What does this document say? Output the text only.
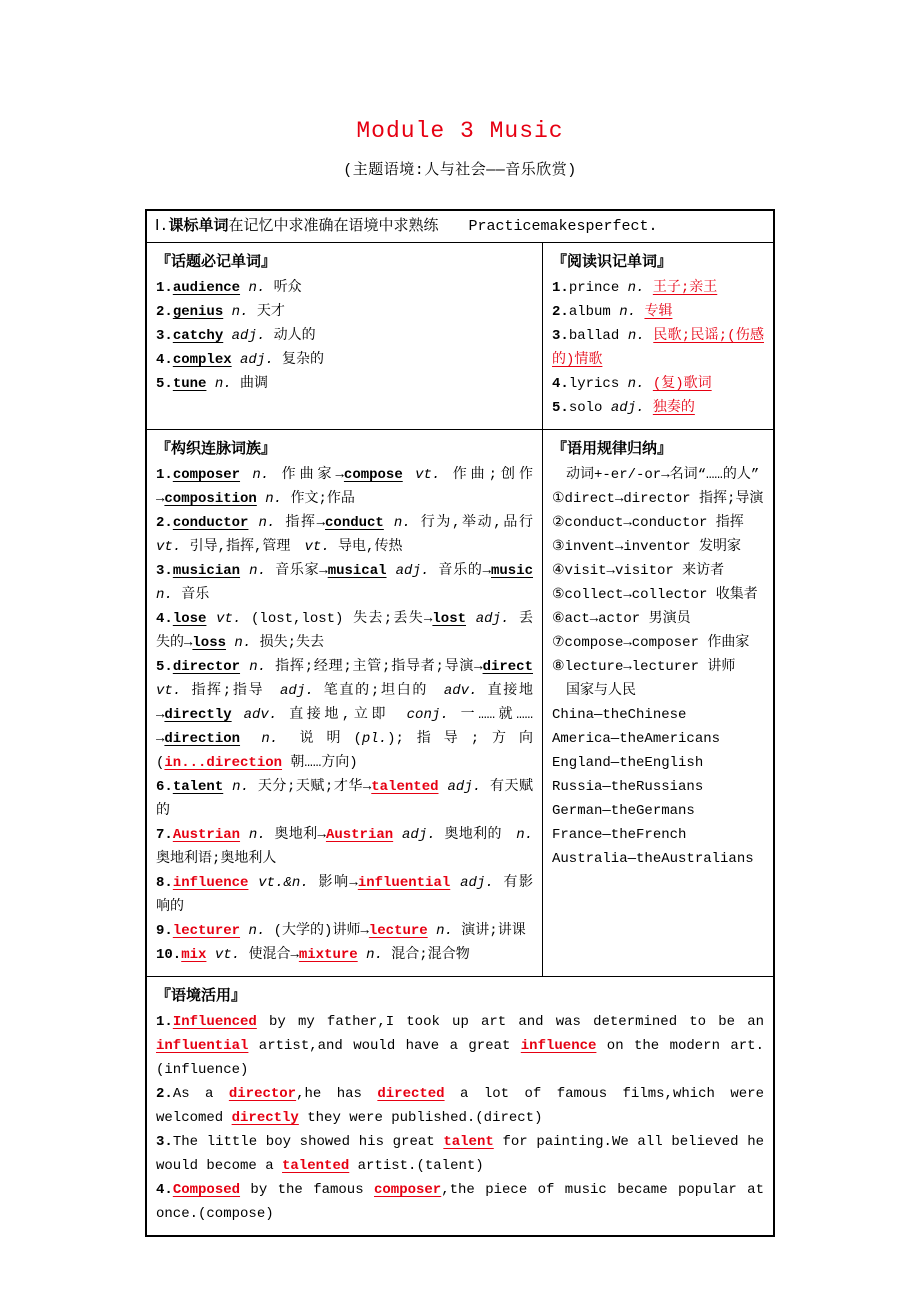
Module 3 Music
(主题语境:人与社会——音乐欣赏)
Ⅰ.课标单词在记忆中求准确在语境中求熟练　　Practicemakesperfect.
『话题必记单词』

1.audience n. 听众

2.genius n. 天才

3.catchy adj. 动人的

4.complex adj. 复杂的

5.tune n. 曲调

『阅读识记单词』

1.prince n. 王子;亲王

2.album n. 专辑

3.ballad n. 民歌;民谣;(伤感的)情歌

4.lyrics n. (复)歌词

5.solo adj. 独奏的

『构织连脉词族』

1.composer n. 作曲家→compose vt. 作曲;创作→composition n. 作文;作品

2.conductor n. 指挥→conduct n. 行为,举动,品行　vt. 引导,指挥,管理　vt. 导电,传热

3.musician n. 音乐家→musical adj. 音乐的→music n. 音乐

4.lose vt. (lost,lost) 失去;丢失→lost adj. 丢失的→loss n. 损失;失去

5.director n. 指挥;经理;主管;指导者;导演→direct vt. 指挥;指导　adj. 笔直的;坦白的　adv. 直接地→directly adv. 直接地,立即　conj. 一……就……→direction n. 说明(pl.);指导;方向(in...direction 朝……方向)

6.talent n. 天分;天赋;才华→talented adj. 有天赋的

7.Austrian n. 奥地利→Austrian adj. 奥地利的　n. 奥地利语;奥地利人

8.influence vt.&n. 影响→influential adj. 有影响的

9.lecturer n. (大学的)讲师→lecture n. 演讲;讲课

10.mix vt. 使混合→mixture n. 混合;混合物

『语用规律归纳』

　动词+-er/-or→名词“……的人”

①direct→director 指挥;导演

②conduct→conductor 指挥

③invent→inventor 发明家

④visit→visitor 来访者

⑤collect→collector 收集者

⑥act→actor 男演员

⑦compose→composer 作曲家

⑧lecture→lecturer 讲师

　国家与人民

China—theChinese

America—theAmericans

England—theEnglish

Russia—theRussians

German—theGermans

France—theFrench

Australia—theAustralians

『语境活用』

1.Influenced by my father,I took up art and was determined to be an influential artist,and would have a great influence on the modern art.(influence)

2.As a director,he has directed a lot of famous films,which were welcomed directly they were published.(direct)

3.The little boy showed his great talent for painting.We all believed he would become a talented artist.(talent)

4.Composed by the famous composer,the piece of music became popular at once.(compose)
